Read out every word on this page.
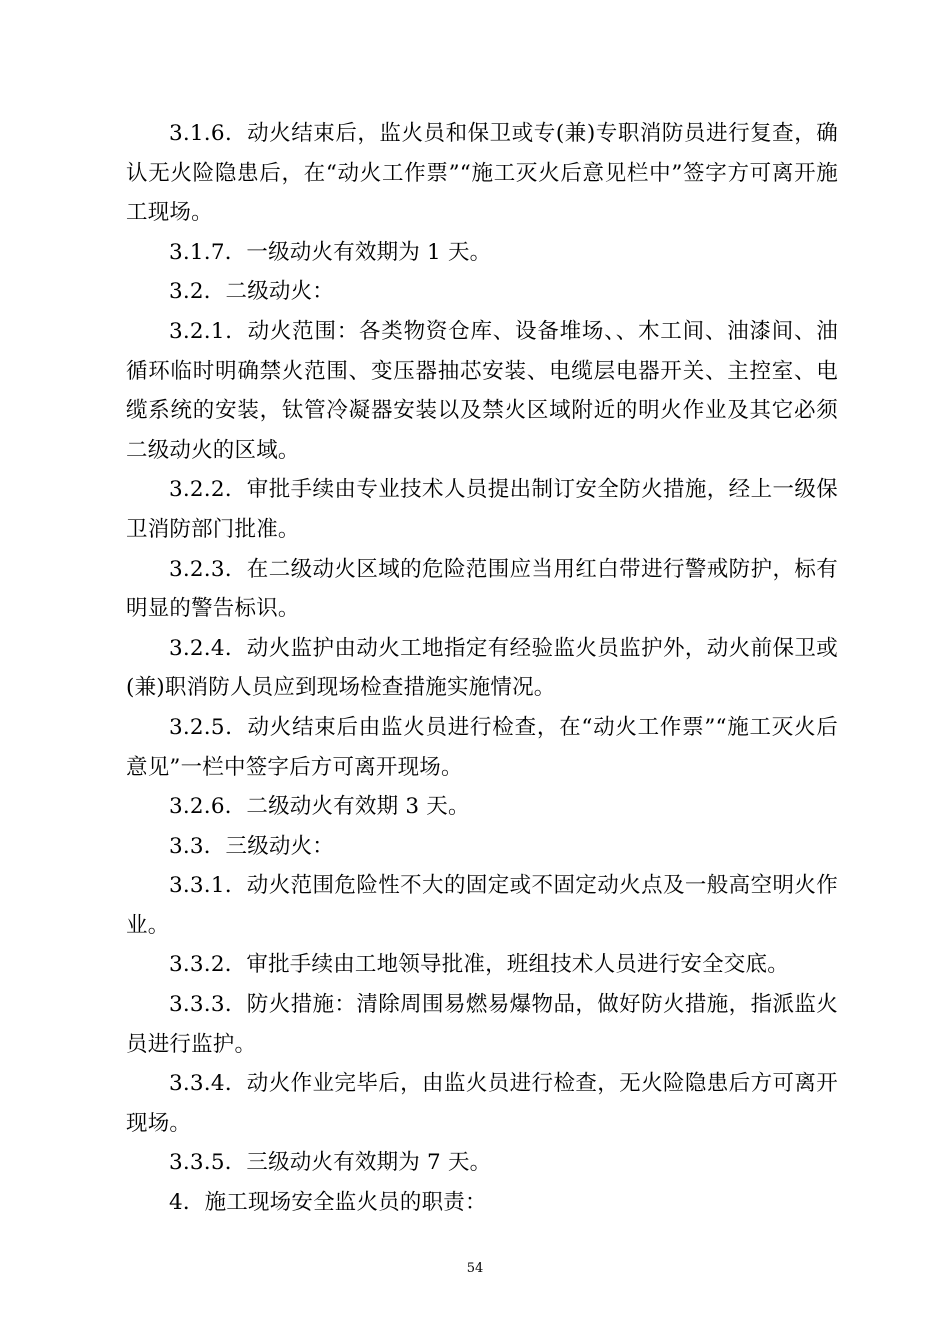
3.1.6．动火结束后，监火员和保卫或专(兼)专职消防员进行复查，确认无火险隐患后，在“动火工作票”“施工灭火后意见栏中”签字方可离开施工现场。

3.1.7．一级动火有效期为 1 天。

3.2．二级动火：

3.2.1．动火范围：各类物资仓库、设备堆场、、木工间、油漆间、油循环临时明确禁火范围、变压器抽芯安装、电缆层电器开关、主控室、电缆系统的安装，钛管冷凝器安装以及禁火区域附近的明火作业及其它必须二级动火的区域。

3.2.2．审批手续由专业技术人员提出制订安全防火措施，经上一级保卫消防部门批准。

3.2.3．在二级动火区域的危险范围应当用红白带进行警戒防护，标有明显的警告标识。

3.2.4．动火监护由动火工地指定有经验监火员监护外，动火前保卫或(兼)职消防人员应到现场检查措施实施情况。

3.2.5．动火结束后由监火员进行检查，在“动火工作票”“施工灭火后意见”一栏中签字后方可离开现场。

3.2.6．二级动火有效期 3 天。

3.3．三级动火：

3.3.1．动火范围危险性不大的固定或不固定动火点及一般高空明火作业。

3.3.2．审批手续由工地领导批准，班组技术人员进行安全交底。

3.3.3．防火措施：清除周围易燃易爆物品，做好防火措施，指派监火员进行监护。

3.3.4．动火作业完毕后，由监火员进行检查，无火险隐患后方可离开现场。

3.3.5．三级动火有效期为 7 天。

4．施工现场安全监火员的职责：

54
